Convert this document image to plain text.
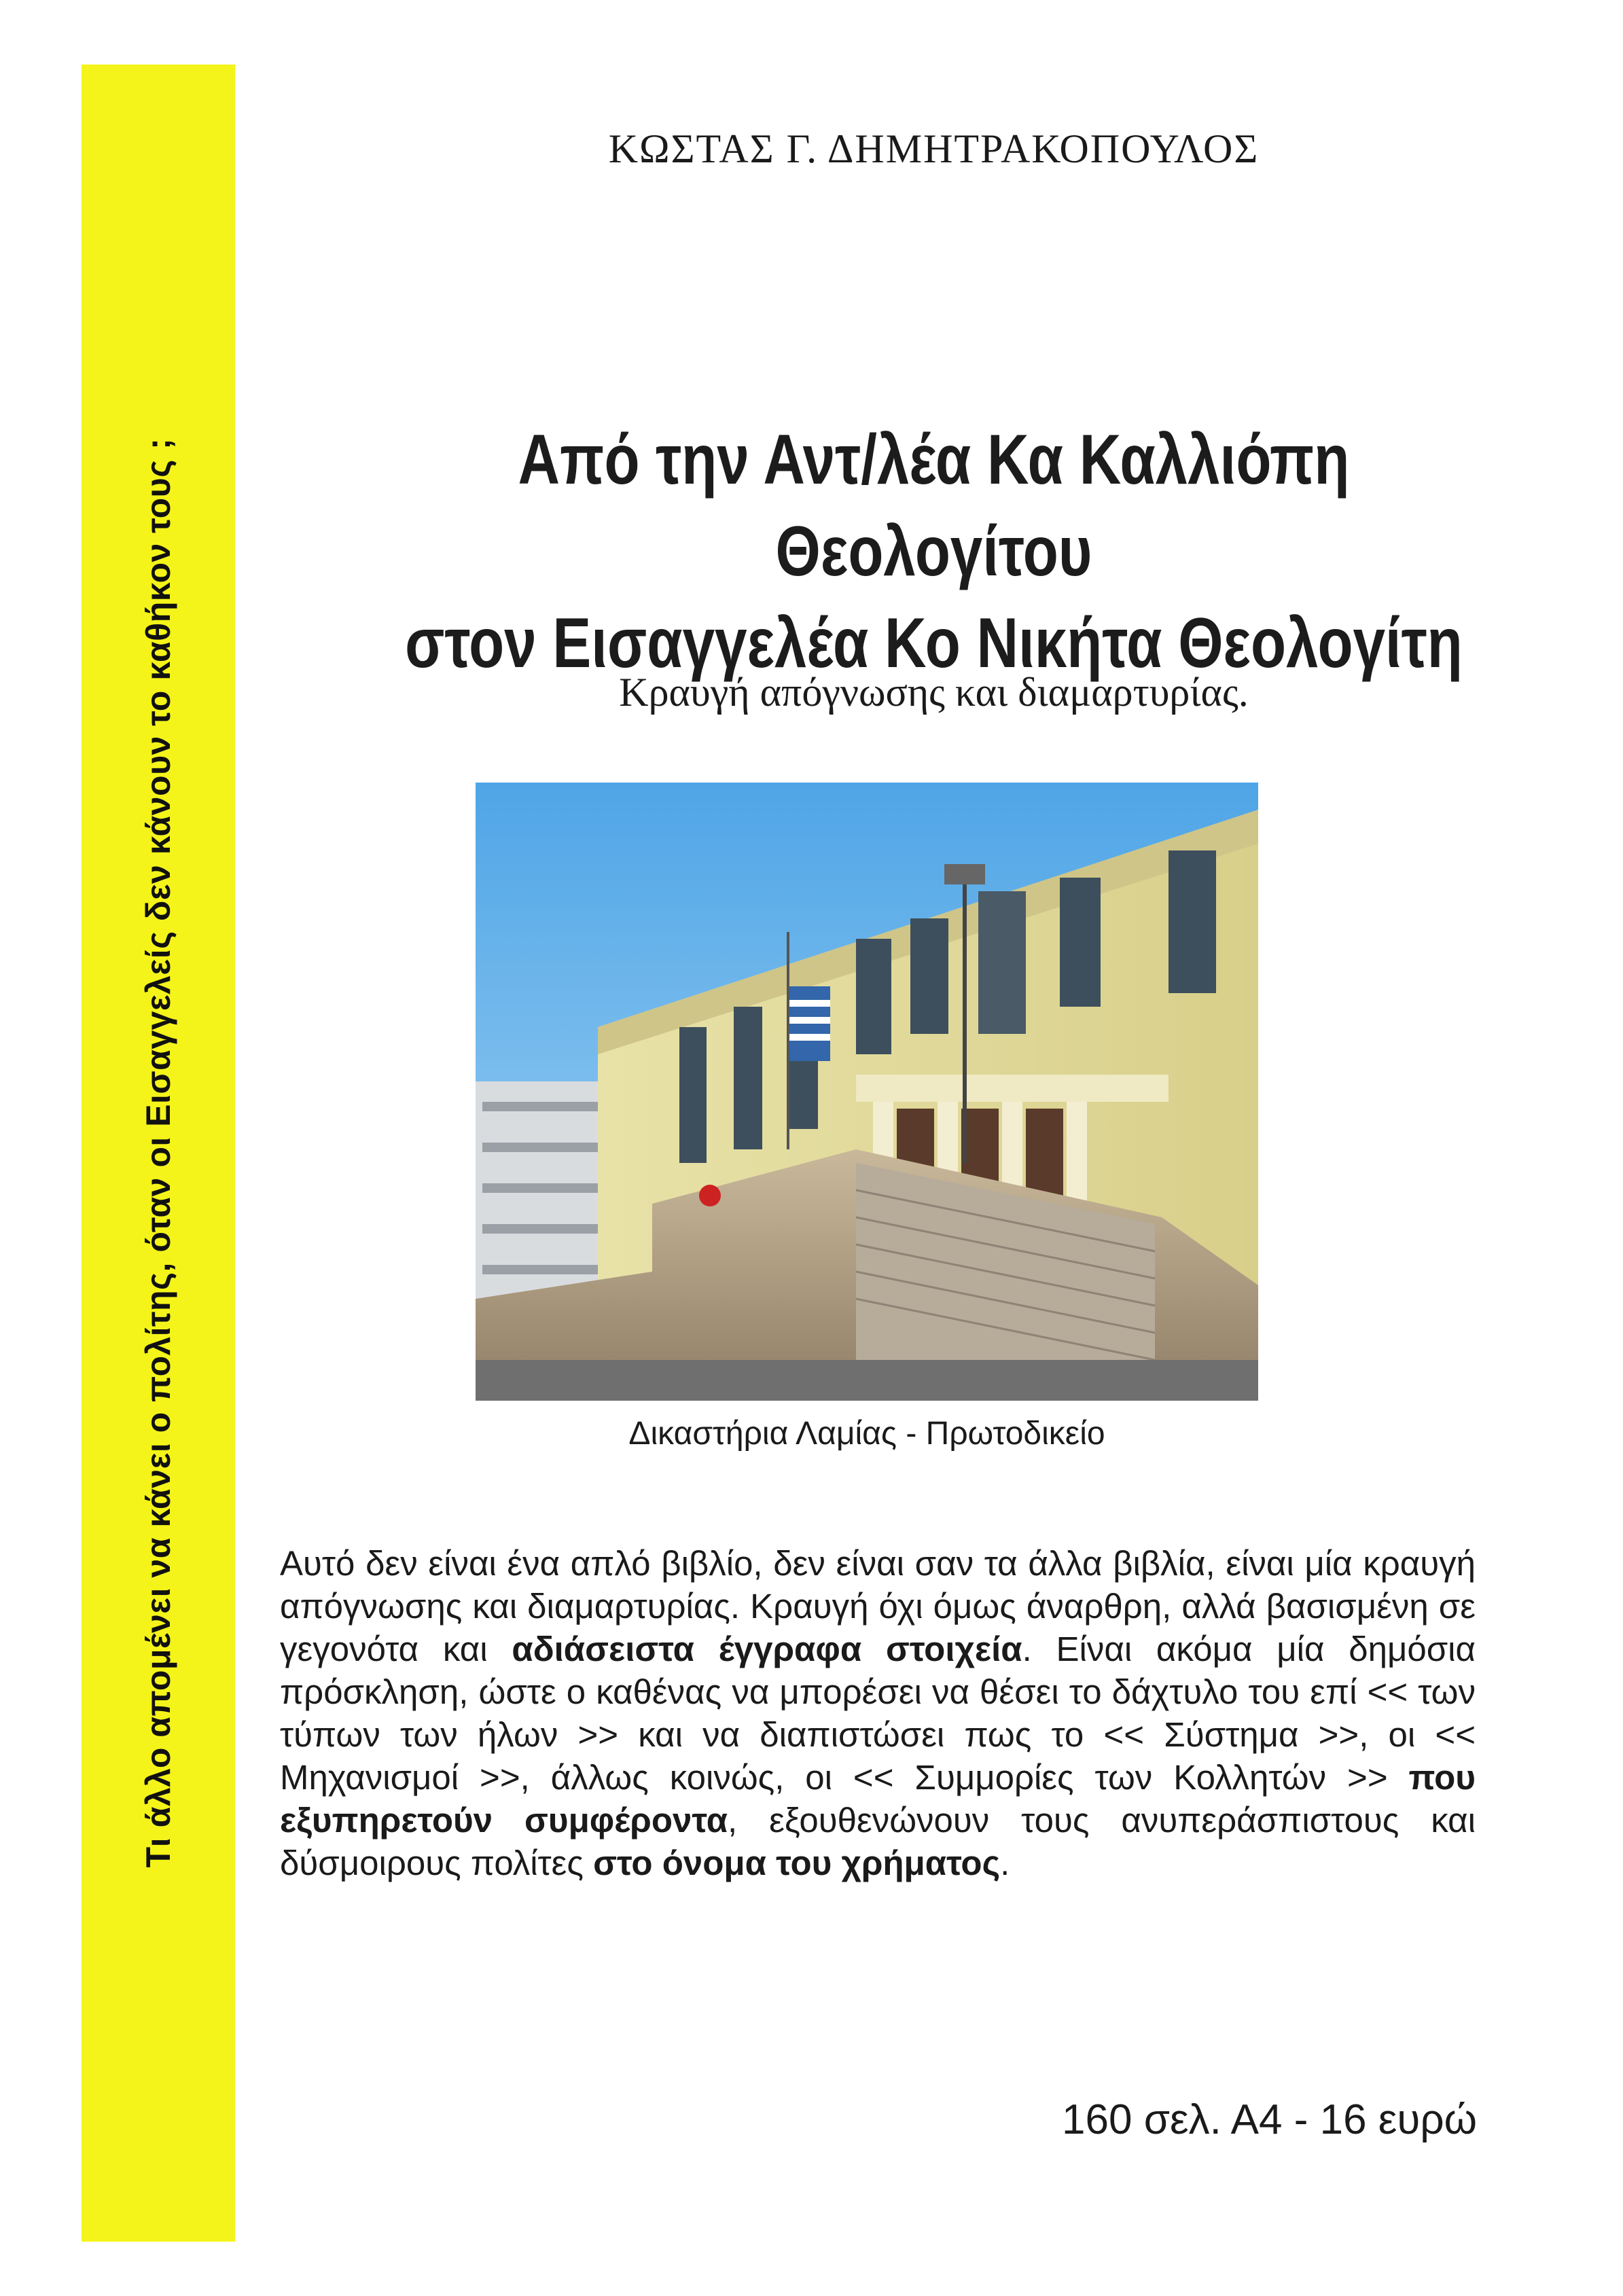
Τι άλλο απομένει να κάνει ο πολίτης, όταν οι Εισαγγελείς δεν κάνουν το καθήκον τους ;

ΚΩΣΤΑΣ Γ. ΔΗΜΗΤΡΑΚΟΠΟΥΛΟΣ

Από την Αντ/λέα Κα Καλλιόπη Θεολογίτου
στον Εισαγγελέα Κο Νικήτα Θεολογίτη

Κραυγή απόγνωσης και διαμαρτυρίας.

Δικαστήρια Λαμίας - Πρωτοδικείο

Αυτό δεν είναι ένα απλό βιβλίο, δεν είναι σαν τα άλλα βιβλία, είναι μία κραυγή απόγνωσης και διαμαρτυρίας. Κραυγή όχι όμως άναρθρη, αλλά βασισμένη σε γεγονότα και αδιάσειστα έγγραφα στοιχεία. Είναι ακόμα μία δημόσια πρόσκληση, ώστε ο καθένας να μπορέσει να θέσει το δάχτυλο του επί << των τύπων των ήλων >> και να διαπιστώσει πως το << Σύστημα >>, οι << Μηχανισμοί >>, άλλως κοινώς, οι << Συμμορίες των Κολλητών >> που εξυπηρετούν συμφέροντα, εξουθενώνουν τους ανυπεράσπιστους και δύσμοιρους πολίτες στο όνομα του χρήματος.

160 σελ. Α4 - 16 ευρώ
